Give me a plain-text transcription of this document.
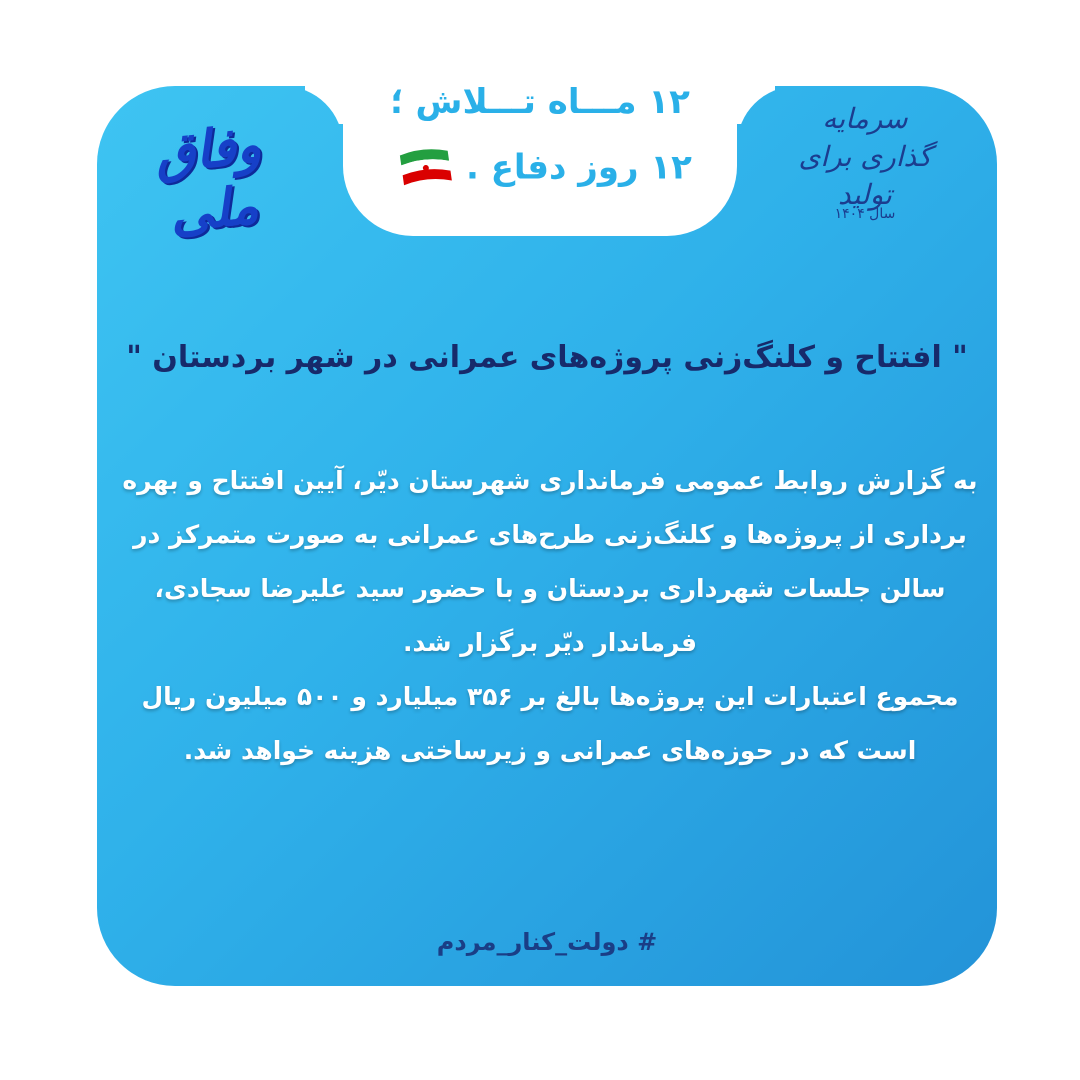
۱۲ مـــاه تـــلاش ؛
۱۲ روز دفاع .
وفاق ملی
سرمایه گذاری برای تولید
سال ۱۴۰۴
" افتتاح و کلنگ‌زنی پروژه‌های عمرانی در شهر بردستان "
به گزارش روابط عمومی فرمانداری شهرستان دیّر، آیین افتتاح و بهره
برداری از پروژه‌ها و کلنگ‌زنی طرح‌های عمرانی به صورت متمرکز در
سالن جلسات شهرداری بردستان و با حضور سید علیرضا سجادی،
فرماندار دیّر برگزار شد.
مجموع اعتبارات این پروژه‌ها بالغ بر ۳۵۶ میلیارد و ۵۰۰ میلیون ریال
است که در حوزه‌های عمرانی و زیرساختی هزینه خواهد شد.
# دولت_کنار_مردم
